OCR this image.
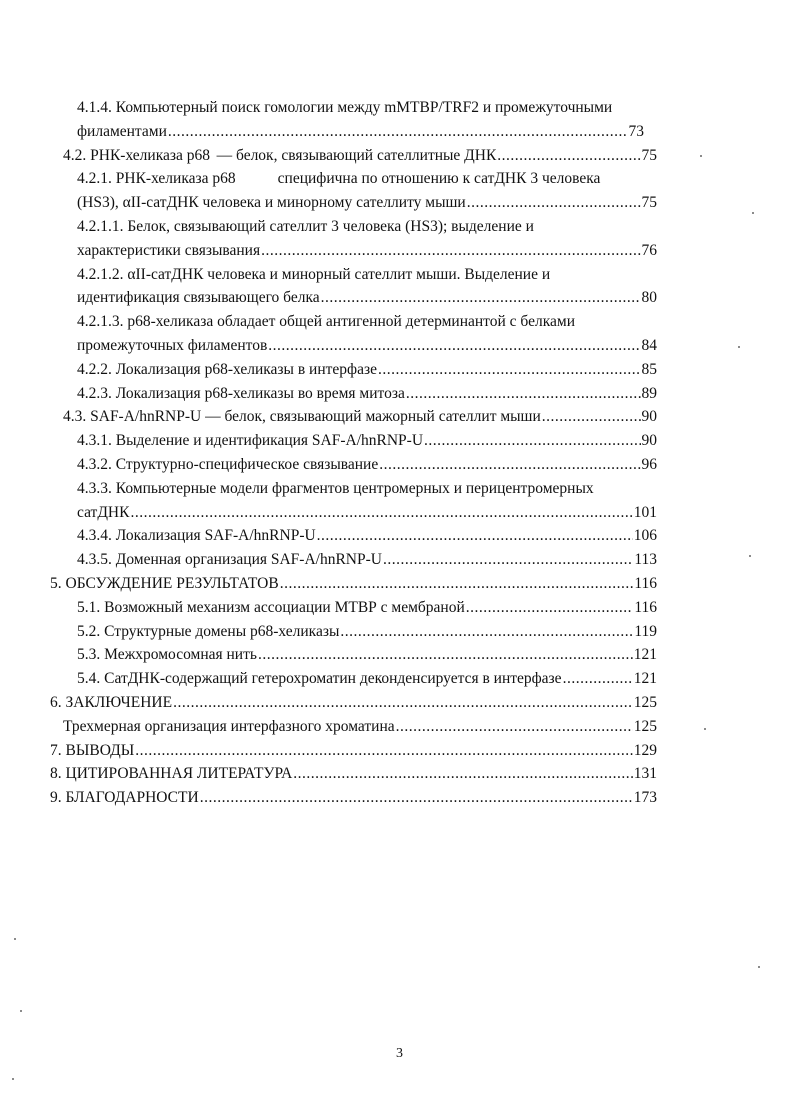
4.1.4. Компьютерный поиск гомологии между mMTBP/TRF2 и промежуточными
филаментами .....	73
4.2. РНК-хеликаза р68 — белок, связывающий сателлитные ДНК .....	75
4.2.1. РНК-хеликаза р68	специфична по отношению к сатДНК 3 человека
(HS3), αII-сатДНК человека и минорному сателлиту мыши .....	75
4.2.1.1. Белок, связывающий сателлит 3 человека (HS3); выделение и
характеристики связывания .....	76
4.2.1.2. αII-сатДНК человека и минорный сателлит мыши. Выделение и
идентификация связывающего белка .....	80
4.2.1.3. р68-хеликаза обладает общей антигенной детерминантой с белками
промежуточных филаментов .....	84
4.2.2. Локализация р68-хеликазы в интерфазе .....	85
4.2.3. Локализация р68-хеликазы во время митоза .....	89
4.3. SAF-A/hnRNP-U — белок, связывающий мажорный сателлит мыши .....	90
4.3.1. Выделение и идентификация SAF-A/hnRNP-U .....	90
4.3.2. Структурно-специфическое связывание .....	96
4.3.3. Компьютерные модели фрагментов центромерных и перицентромерных
сатДНК .....	101
4.3.4. Локализация SAF-A/hnRNP-U .....	106
4.3.5. Доменная организация SAF-A/hnRNP-U .....	113
5. ОБСУЖДЕНИЕ РЕЗУЛЬТАТОВ .....	116
5.1. Возможный механизм ассоциации МТВР с мембраной .....	116
5.2. Структурные домены р68-хеликазы .....	119
5.3. Межхромосомная нить .....	121
5.4. СатДНК-содержащий гетерохроматин деконденсируется в интерфазе .....	121
6. ЗАКЛЮЧЕНИЕ .....	125
Трехмерная организация интерфазного хроматина .....	125
7. ВЫВОДЫ .....	129
8. ЦИТИРОВАННАЯ ЛИТЕРАТУРА .....	131
9. БЛАГОДАРНОСТИ .....	173
3
